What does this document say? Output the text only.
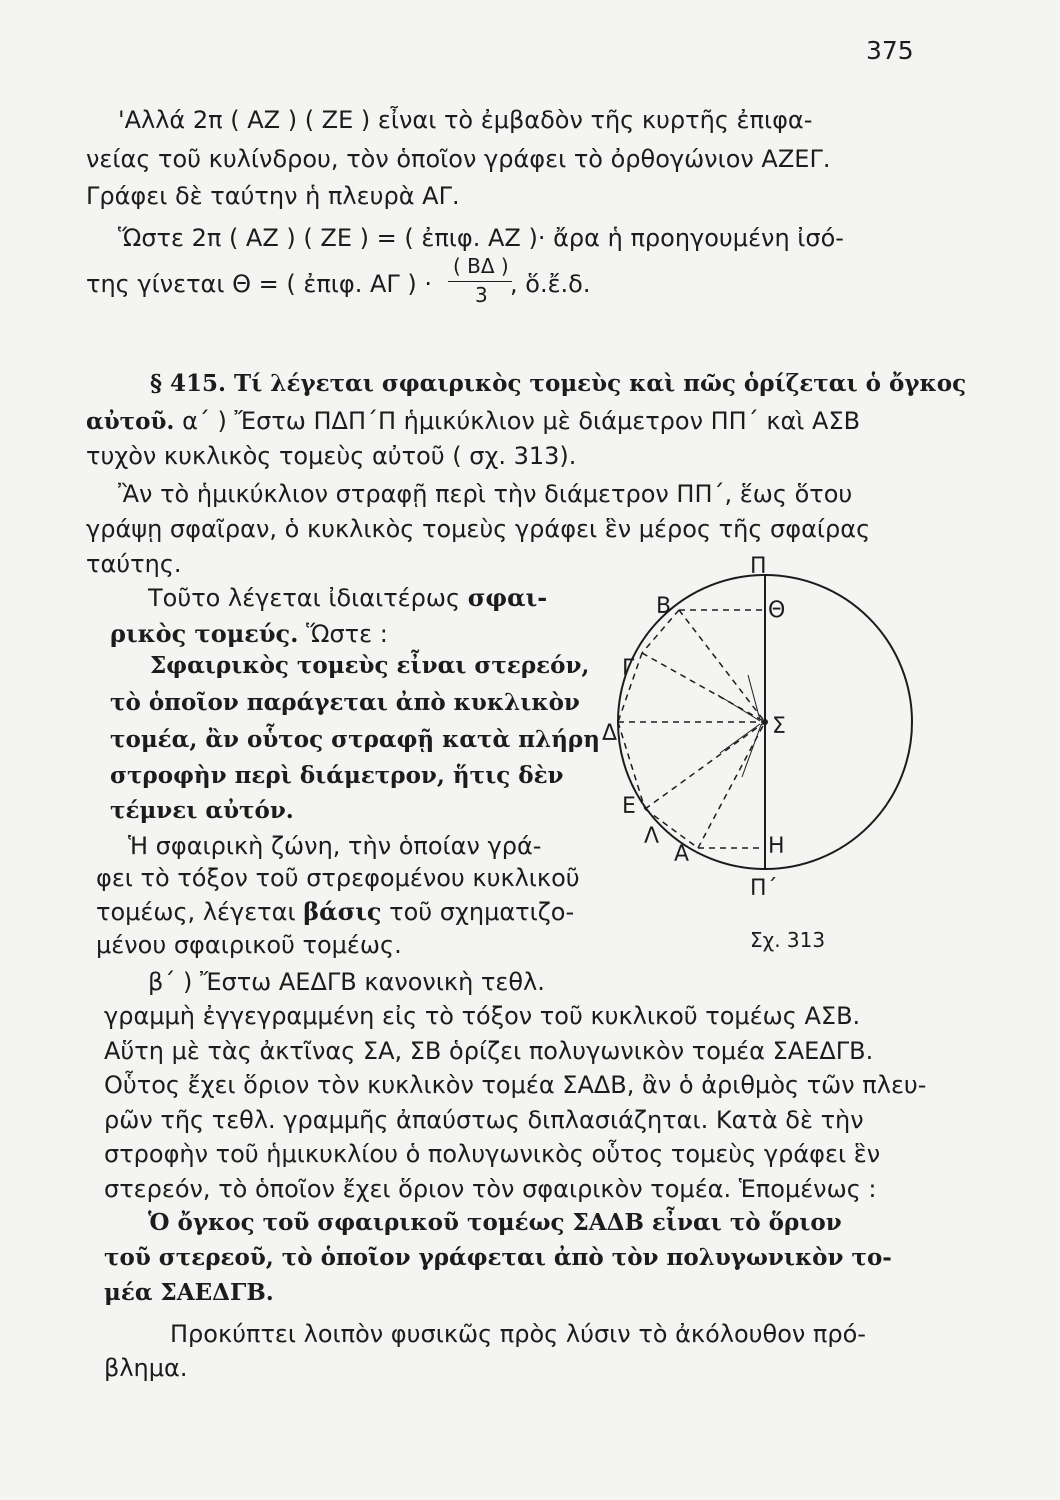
375
'Αλλά 2π ( ΑΖ ) ( ΖΕ ) εἶναι τὸ ἐμβαδὸν τῆς κυρτῆς ἐπιφα-
νείας τοῦ κυλίνδρου, τὸν ὁποῖον γράφει τὸ ὀρθογώνιον ΑΖΕΓ.
Γράφει δὲ ταύτην ἡ πλευρὰ ΑΓ.
Ὥστε 2π ( ΑΖ ) ( ΖΕ ) = ( ἐπιφ. ΑΖ )· ἄρα ἡ προηγουμένη ἰσό-
της γίνεται Θ = ( ἐπιφ. ΑΓ ) ·
( ΒΔ )
3 , ὅ.ἔ.δ.
§ 415. Τί λέγεται σφαιρικὸς τομεὺς καὶ πῶς ὁρίζεται ὁ ὄγκος
αὐτοῦ. α΄ ) Ἔστω ΠΔΠ΄Π ἡμικύκλιον μὲ διάμετρον ΠΠ΄ καὶ ΑΣΒ
τυχὸν κυκλικὸς τομεὺς αὐτοῦ ( σχ. 313).
Ἂν τὸ ἡμικύκλιον στραφῇ περὶ τὴν διάμετρον ΠΠ΄, ἕως ὅτου
γράψῃ σφαῖραν, ὁ κυκλικὸς τομεὺς γράφει ἓν μέρος τῆς σφαίρας
ταύτης.
Τοῦτο λέγεται ἰδιαιτέρως σφαι-
ρικὸς τομεύς. Ὥστε :
Σφαιρικὸς τομεὺς εἶναι στερεόν,
τὸ ὁποῖον παράγεται ἀπὸ κυκλικὸν
τομέα, ἂν οὗτος στραφῇ κατὰ πλήρη
στροφὴν περὶ διάμετρον, ἥτις δὲν
τέμνει αὐτόν.
Ἡ σφαιρικὴ ζώνη, τὴν ὁποίαν γρά-
φει τὸ τόξον τοῦ στρεφομένου κυκλικοῦ
τομέως, λέγεται βάσις τοῦ σχηματιζο-
μένου σφαιρικοῦ τομέως.
β΄ ) Ἔστω ΑΕΔΓΒ κανονικὴ τεθλ.
γραμμὴ ἐγγεγραμμένη εἰς τὸ τόξον τοῦ κυκλικοῦ τομέως ΑΣΒ.
Αὕτη μὲ τὰς ἀκτῖνας ΣΑ, ΣΒ ὁρίζει πολυγωνικὸν τομέα ΣΑΕΔΓΒ.
Οὗτος ἔχει ὅριον τὸν κυκλικὸν τομέα ΣΑΔΒ, ἂν ὁ ἀριθμὸς τῶν πλευ-
ρῶν τῆς τεθλ. γραμμῆς ἀπαύστως διπλασιάζηται. Κατὰ δὲ τὴν
στροφὴν τοῦ ἡμικυκλίου ὁ πολυγωνικὸς οὗτος τομεὺς γράφει ἓν
στερεόν, τὸ ὁποῖον ἔχει ὅριον τὸν σφαιρικὸν τομέα. Ἑπομένως :
Ὁ ὄγκος τοῦ σφαιρικοῦ τομέως ΣΑΔΒ εἶναι τὸ ὅριον
τοῦ στερεοῦ, τὸ ὁποῖον γράφεται ἀπὸ τὸν πολυγωνικὸν το-
μέα ΣΑΕΔΓΒ.
Προκύπτει λοιπὸν φυσικῶς πρὸς λύσιν τὸ ἀκόλουθον πρό-
βλημα.
Π
Θ
Β
Γ
Δ	Σ
Ε
Λ
Α	Η
Π΄
Σχ. 313
